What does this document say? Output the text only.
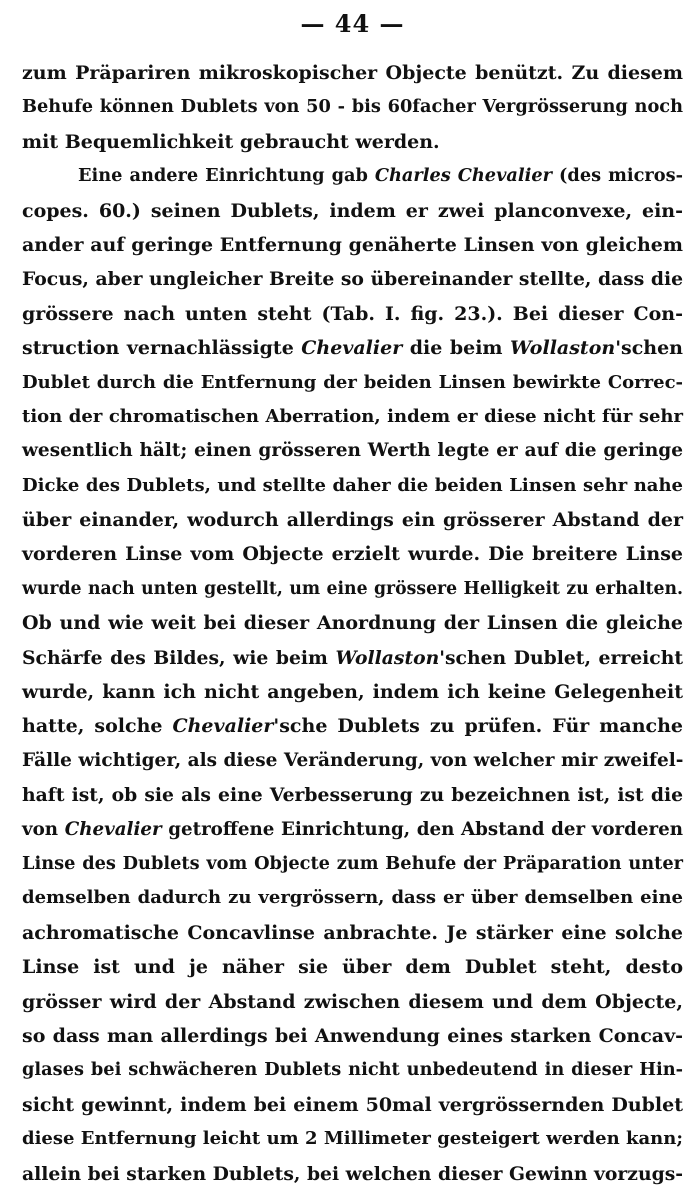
— 44 —
zum Präpariren mikroskopischer Objecte benützt. Zu diesem
Behufe können Dublets von 50 - bis 60facher Vergrösserung noch
mit Bequemlichkeit gebraucht werden.
Eine andere Einrichtung gab Charles Chevalier (des micros-
copes. 60.) seinen Dublets, indem er zwei planconvexe, ein-
ander auf geringe Entfernung genäherte Linsen von gleichem
Focus, aber ungleicher Breite so übereinander stellte, dass die
grössere nach unten steht (Tab. I. fig. 23.). Bei dieser Con-
struction vernachlässigte Chevalier die beim Wollaston'schen
Dublet durch die Entfernung der beiden Linsen bewirkte Correc-
tion der chromatischen Aberration, indem er diese nicht für sehr
wesentlich hält; einen grösseren Werth legte er auf die geringe
Dicke des Dublets, und stellte daher die beiden Linsen sehr nahe
über einander, wodurch allerdings ein grösserer Abstand der
vorderen Linse vom Objecte erzielt wurde. Die breitere Linse
wurde nach unten gestellt, um eine grössere Helligkeit zu erhalten.
Ob und wie weit bei dieser Anordnung der Linsen die gleiche
Schärfe des Bildes, wie beim Wollaston'schen Dublet, erreicht
wurde, kann ich nicht angeben, indem ich keine Gelegenheit
hatte, solche Chevalier'sche Dublets zu prüfen. Für manche
Fälle wichtiger, als diese Veränderung, von welcher mir zweifel-
haft ist, ob sie als eine Verbesserung zu bezeichnen ist, ist die
von Chevalier getroffene Einrichtung, den Abstand der vorderen
Linse des Dublets vom Objecte zum Behufe der Präparation unter
demselben dadurch zu vergrössern, dass er über demselben eine
achromatische Concavlinse anbrachte. Je stärker eine solche
Linse ist und je näher sie über dem Dublet steht, desto
grösser wird der Abstand zwischen diesem und dem Objecte,
so dass man allerdings bei Anwendung eines starken Concav-
glases bei schwächeren Dublets nicht unbedeutend in dieser Hin-
sicht gewinnt, indem bei einem 50mal vergrössernden Dublet
diese Entfernung leicht um 2 Millimeter gesteigert werden kann;
allein bei starken Dublets, bei welchen dieser Gewinn vorzugs-
